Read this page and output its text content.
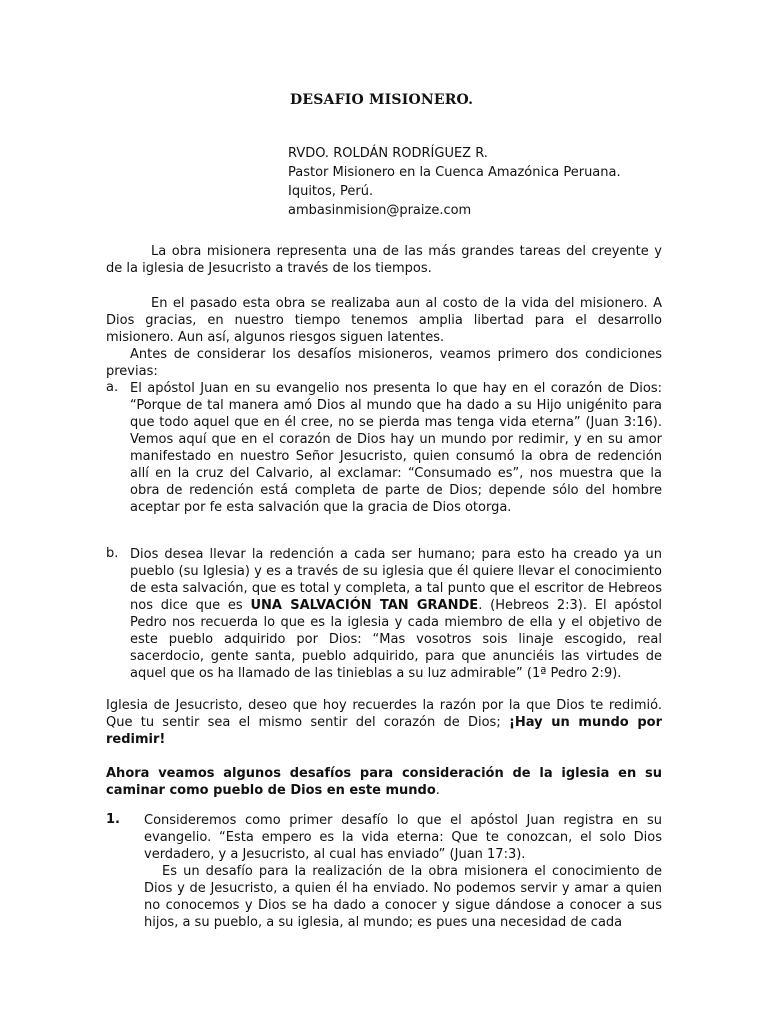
DESAFIO MISIONERO.
RVDO. ROLDÁN RODRÍGUEZ R.
Pastor Misionero en la Cuenca Amazónica Peruana.
Iquitos, Perú.
ambasinmision@praize.com
La obra misionera representa una de las más grandes tareas del creyente y de la iglesia de Jesucristo a través de los tiempos.
En el pasado esta obra se realizaba aun al costo de la vida del misionero. A Dios gracias, en nuestro tiempo tenemos amplia libertad para el desarrollo misionero. Aun así, algunos riesgos siguen latentes.
Antes de considerar los desafíos misioneros, veamos primero dos condiciones previas:
a. El apóstol Juan en su evangelio nos presenta lo que hay en el corazón de Dios: “Porque de tal manera amó Dios al mundo que ha dado a su Hijo unigénito para que todo aquel que en él cree, no se pierda mas tenga vida eterna” (Juan 3:16). Vemos aquí que en el corazón de Dios hay un mundo por redimir, y en su amor manifestado en nuestro Señor Jesucristo, quien consumó la obra de redención allí en la cruz del Calvario, al exclamar: “Consumado es”, nos muestra que la obra de redención está completa de parte de Dios; depende sólo del hombre aceptar por fe esta salvación que la gracia de Dios otorga.
b. Dios desea llevar la redención a cada ser humano; para esto ha creado ya un pueblo (su Iglesia) y es a través de su iglesia que él quiere llevar el conocimiento de esta salvación, que es total y completa, a tal punto que el escritor de Hebreos nos dice que es UNA SALVACIÓN TAN GRANDE. (Hebreos 2:3). El apóstol Pedro nos recuerda lo que es la iglesia y cada miembro de ella y el objetivo de este pueblo adquirido por Dios: “Mas vosotros sois linaje escogido, real sacerdocio, gente santa, pueblo adquirido, para que anunciéis las virtudes de aquel que os ha llamado de las tinieblas a su luz admirable” (1ª Pedro 2:9).
Iglesia de Jesucristo, deseo que hoy recuerdes la razón por la que Dios te redimió. Que tu sentir sea el mismo sentir del corazón de Dios; ¡Hay un mundo por redimir!
Ahora veamos algunos desafíos para consideración de la iglesia en su caminar como pueblo de Dios en este mundo.
1. Consideremos como primer desafío lo que el apóstol Juan registra en su evangelio. “Esta empero es la vida eterna: Que te conozcan, el solo Dios verdadero, y a Jesucristo, al cual has enviado” (Juan 17:3).
Es un desafío para la realización de la obra misionera el conocimiento de Dios y de Jesucristo, a quien él ha enviado. No podemos servir y amar a quien no conocemos y Dios se ha dado a conocer y sigue dándose a conocer a sus hijos, a su pueblo, a su iglesia, al mundo; es pues una necesidad de cada
